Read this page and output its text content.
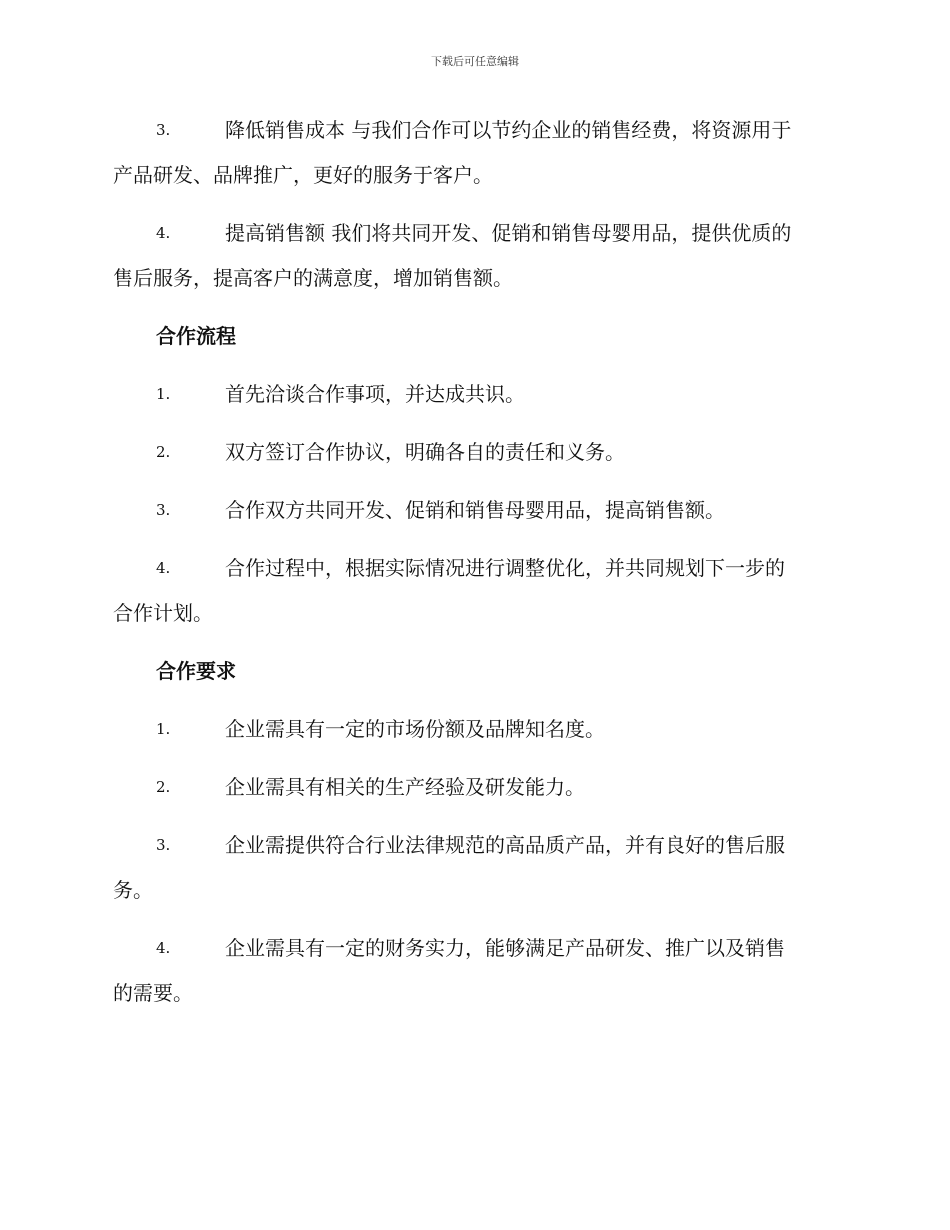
下载后可任意编辑
3.	降低销售成本 与我们合作可以节约企业的销售经费，将资源用于
产品研发、品牌推广，更好的服务于客户。
4.	提高销售额 我们将共同开发、促销和销售母婴用品，提供优质的
售后服务，提高客户的满意度，增加销售额。
合作流程
1.	首先洽谈合作事项，并达成共识。
2.	双方签订合作协议，明确各自的责任和义务。
3.	合作双方共同开发、促销和销售母婴用品，提高销售额。
4.	合作过程中，根据实际情况进行调整优化，并共同规划下一步的
合作计划。
合作要求
1.	企业需具有一定的市场份额及品牌知名度。
2.	企业需具有相关的生产经验及研发能力。
3.	企业需提供符合行业法律规范的高品质产品，并有良好的售后服
务。
4.	企业需具有一定的财务实力，能够满足产品研发、推广以及销售
的需要。
